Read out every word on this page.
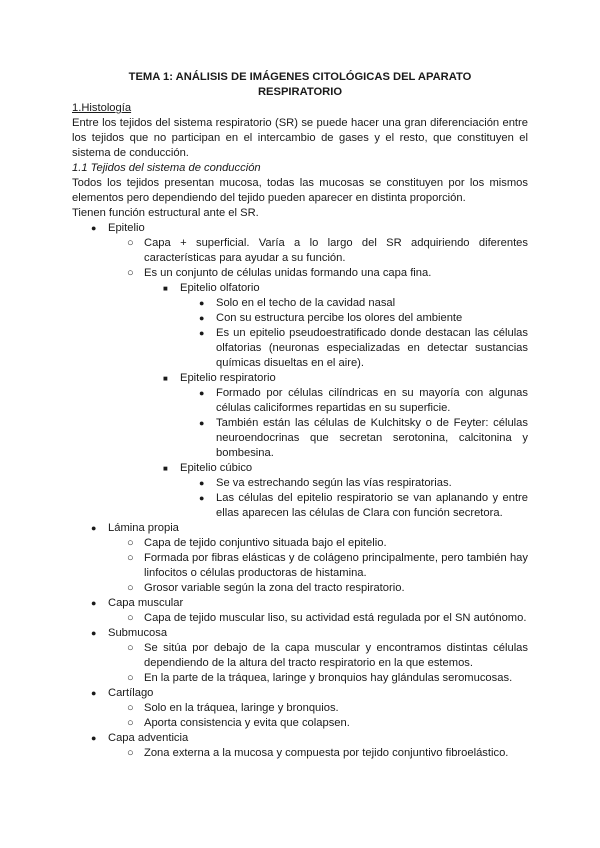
TEMA 1: ANÁLISIS DE IMÁGENES CITOLÓGICAS DEL APARATO
RESPIRATORIO
1.Histología
Entre los tejidos del sistema respiratorio (SR) se puede hacer una gran diferenciación entre
los tejidos que no participan en el intercambio de gases y el resto, que constituyen el
sistema de conducción.
1.1 Tejidos del sistema de conducción
Todos los tejidos presentan mucosa, todas las mucosas se constituyen por los mismos
elementos pero dependiendo del tejido pueden aparecer en distinta proporción.
Tienen función estructural ante el SR.
● Epitelio
○ Capa + superficial. Varía a lo largo del SR adquiriendo diferentes
características para ayudar a su función.
○ Es un conjunto de células unidas formando una capa fina.
■ Epitelio olfatorio
● Solo en el techo de la cavidad nasal
● Con su estructura percibe los olores del ambiente
● Es un epitelio pseudoestratificado donde destacan las células
olfatorias (neuronas especializadas en detectar sustancias
químicas disueltas en el aire).
■ Epitelio respiratorio
● Formado por células cilíndricas en su mayoría con algunas
células caliciformes repartidas en su superficie.
● También están las células de Kulchitsky o de Feyter: células
neuroendocrinas que secretan serotonina, calcitonina y
bombesina.
■ Epitelio cúbico
● Se va estrechando según las vías respiratorias.
● Las células del epitelio respiratorio se van aplanando y entre
ellas aparecen las células de Clara con función secretora.
● Lámina propia
○ Capa de tejido conjuntivo situada bajo el epitelio.
○ Formada por fibras elásticas y de colágeno principalmente, pero también hay
linfocitos o células productoras de histamina.
○ Grosor variable según la zona del tracto respiratorio.
● Capa muscular
○ Capa de tejido muscular liso, su actividad está regulada por el SN autónomo.
● Submucosa
○ Se sitúa por debajo de la capa muscular y encontramos distintas células
dependiendo de la altura del tracto respiratorio en la que estemos.
○ En la parte de la tráquea, laringe y bronquios hay glándulas seromucosas.
● Cartílago
○ Solo en la tráquea, laringe y bronquios.
○ Aporta consistencia y evita que colapsen.
● Capa adventicia
○ Zona externa a la mucosa y compuesta por tejido conjuntivo fibroelástico.
